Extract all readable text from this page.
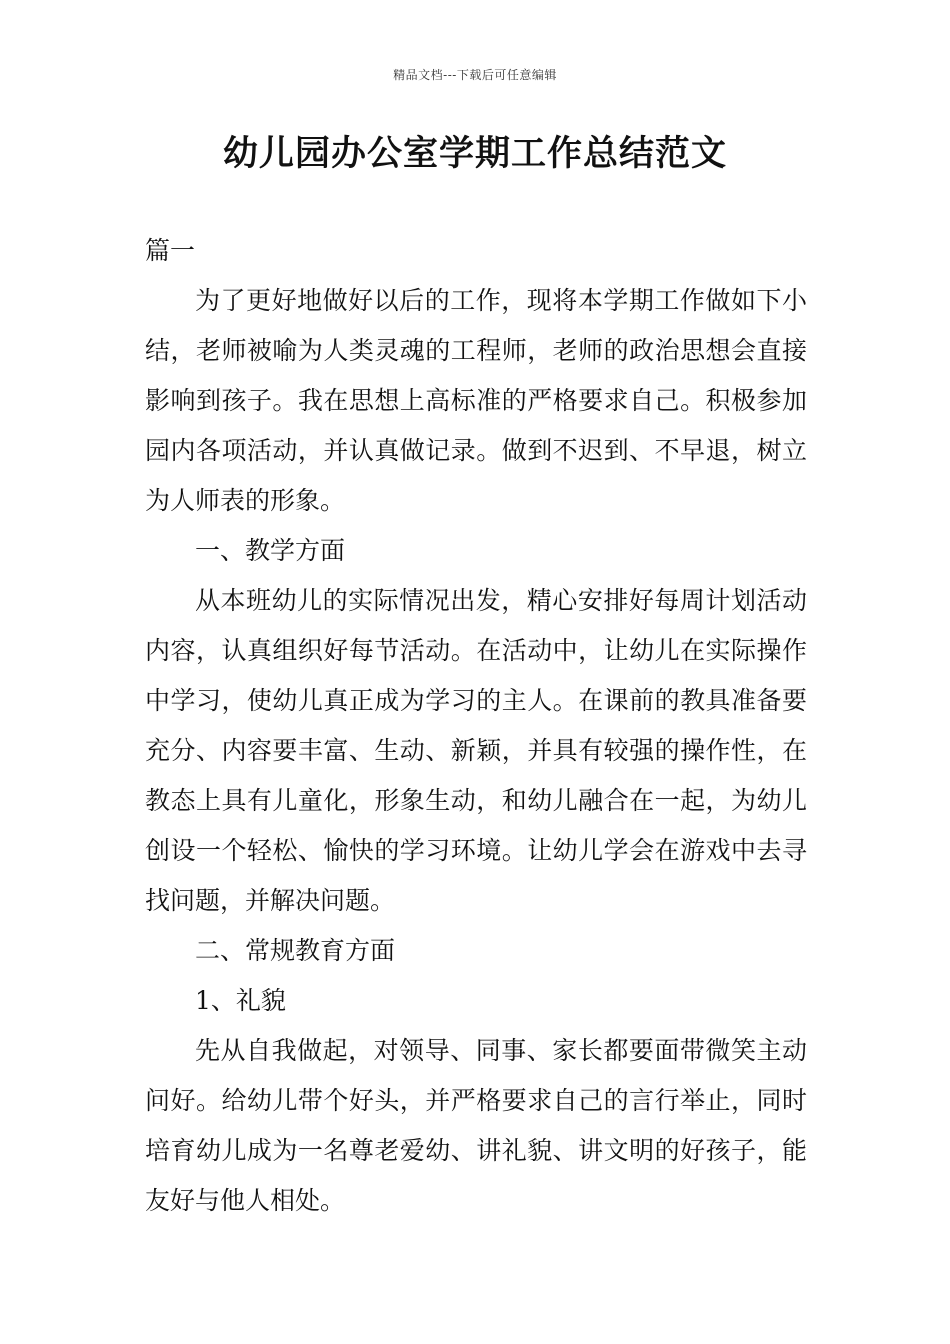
精品文档---下载后可任意编辑
幼儿园办公室学期工作总结范文

篇一

为了更好地做好以后的工作，现将本学期工作做如下小结，老师被喻为人类灵魂的工程师，老师的政治思想会直接影响到孩子。我在思想上高标准的严格要求自己。积极参加园内各项活动，并认真做记录。做到不迟到、不早退，树立为人师表的形象。

一、教学方面

从本班幼儿的实际情况出发，精心安排好每周计划活动内容，认真组织好每节活动。在活动中，让幼儿在实际操作中学习，使幼儿真正成为学习的主人。在课前的教具准备要充分、内容要丰富、生动、新颖，并具有较强的操作性，在教态上具有儿童化，形象生动，和幼儿融合在一起，为幼儿创设一个轻松、愉快的学习环境。让幼儿学会在游戏中去寻找问题，并解决问题。

二、常规教育方面

1、礼貌

先从自我做起，对领导、同事、家长都要面带微笑主动问好。给幼儿带个好头，并严格要求自己的言行举止，同时培育幼儿成为一名尊老爱幼、讲礼貌、讲文明的好孩子，能友好与他人相处。
